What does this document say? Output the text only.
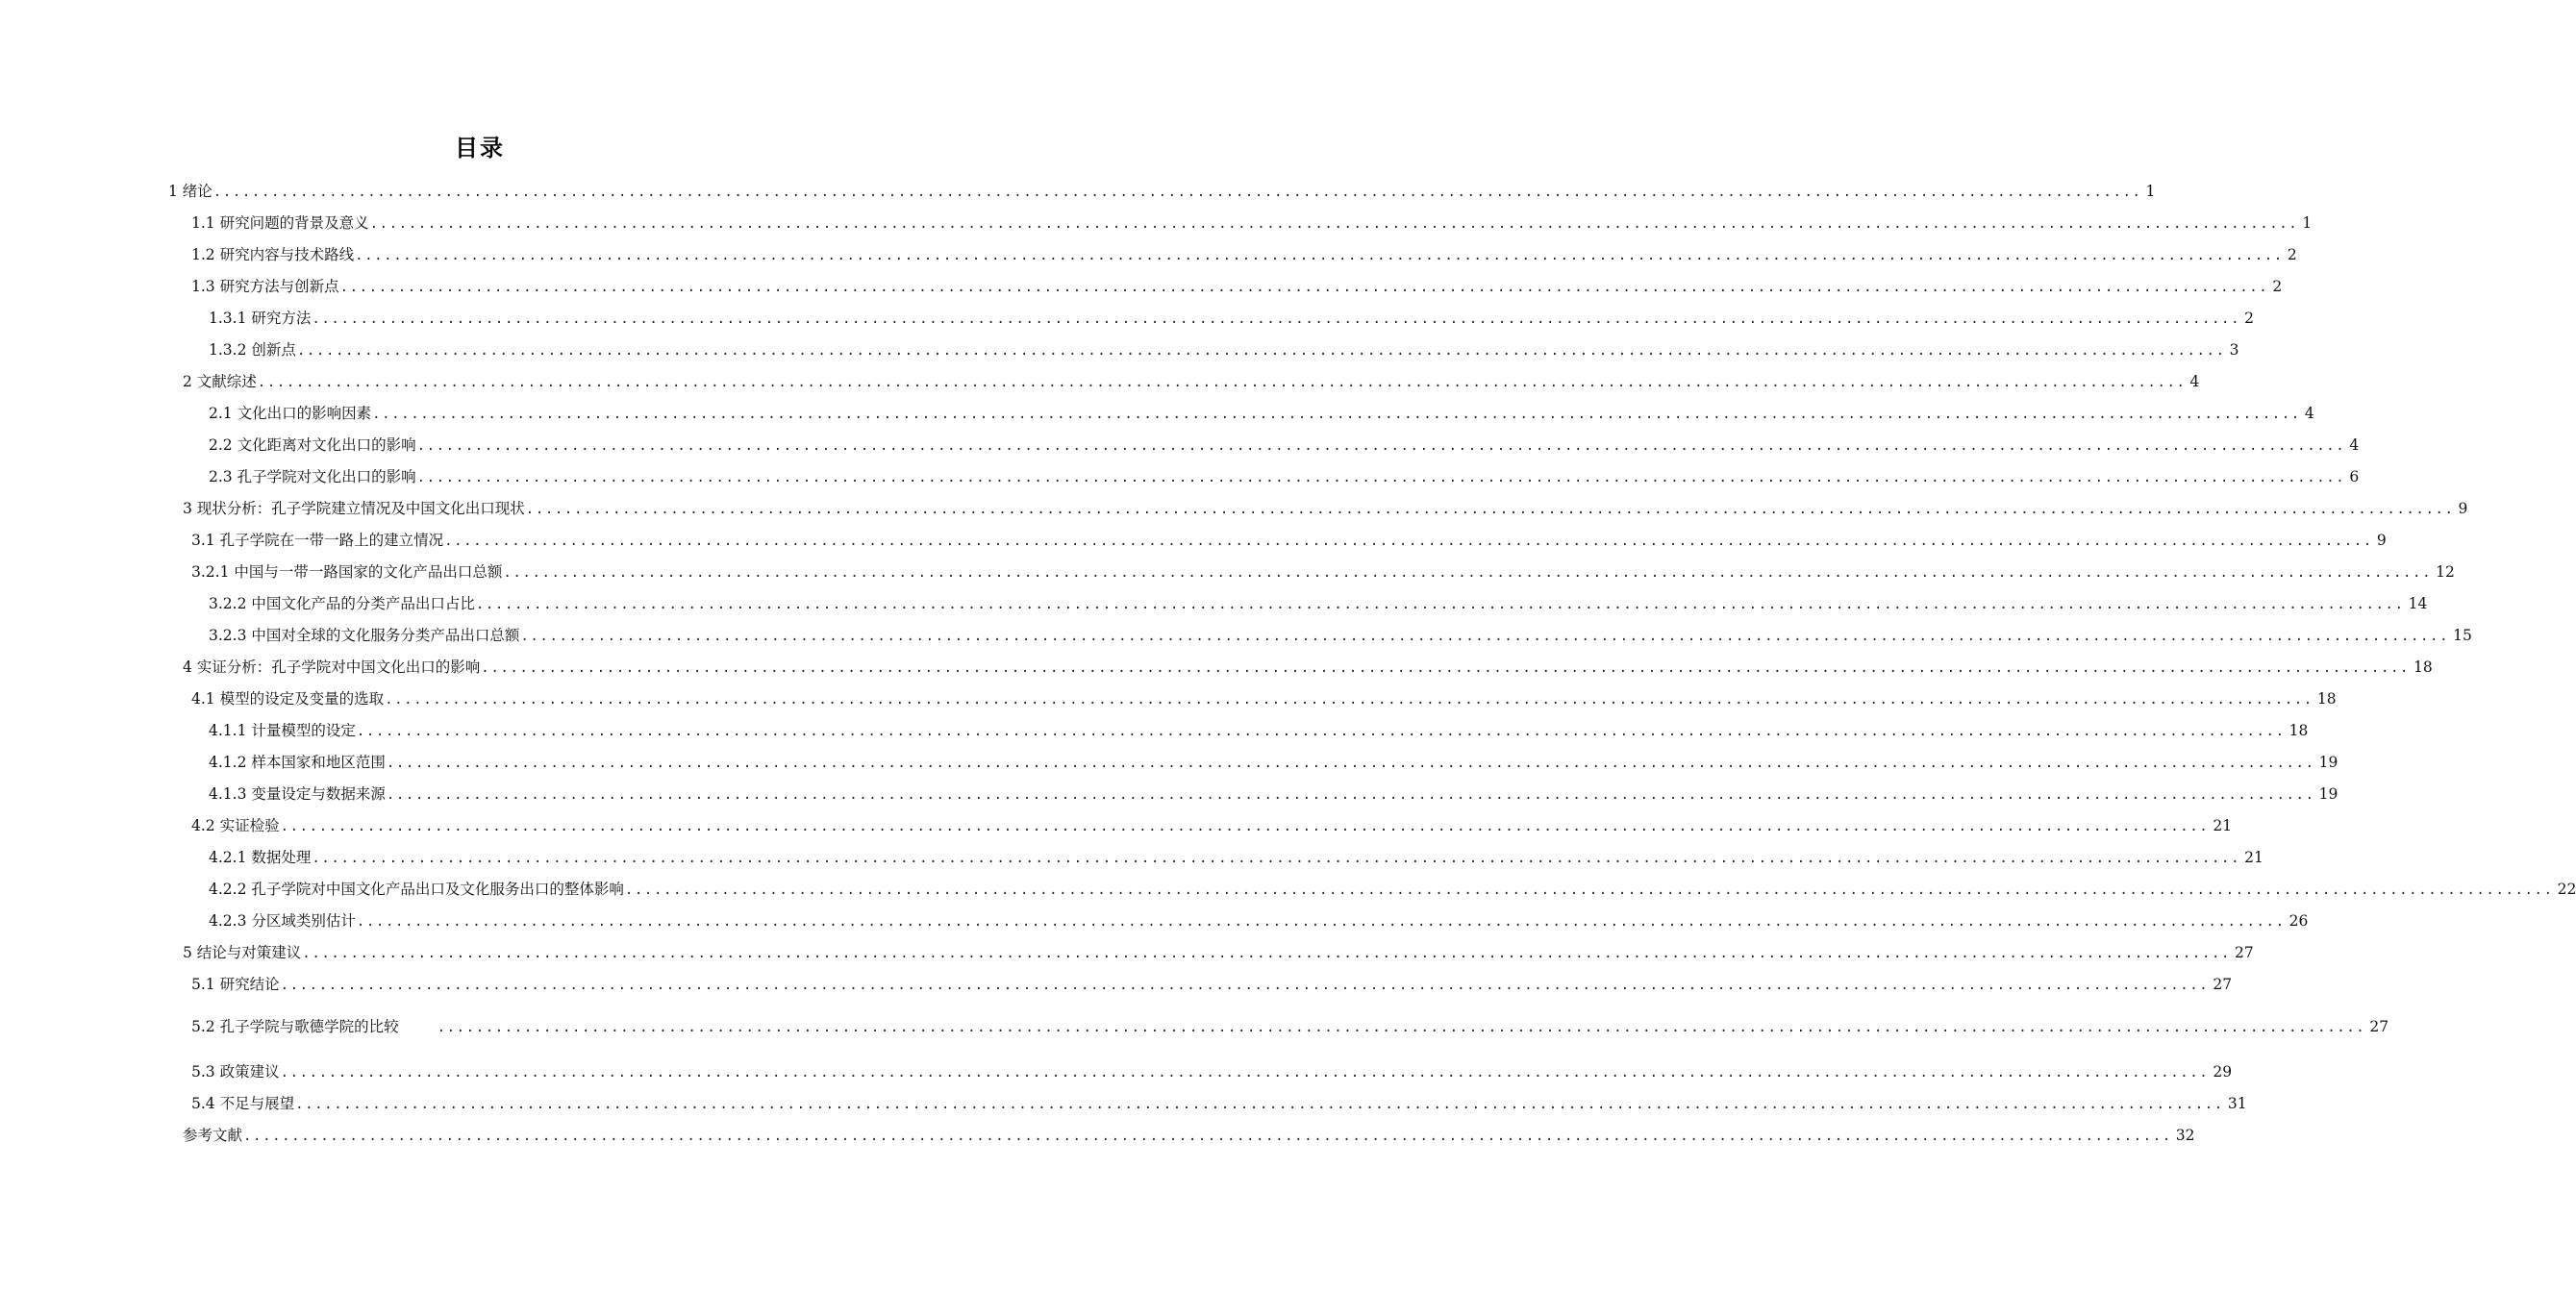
目录
1 绪论 ........................................................................................................................................................................................................ 1
1.1 研究问题的背景及意义 ........................................................................................................................................................................................................ 1
1.2 研究内容与技术路线 ........................................................................................................................................................................................................ 2
1.3 研究方法与创新点 ........................................................................................................................................................................................................ 2
1.3.1 研究方法 ........................................................................................................................................................................................................ 2
1.3.2 创新点 ........................................................................................................................................................................................................ 3
2 文献综述 ........................................................................................................................................................................................................ 4
2.1 文化出口的影响因素 ........................................................................................................................................................................................................ 4
2.2 文化距离对文化出口的影响 ........................................................................................................................................................................................................ 4
2.3 孔子学院对文化出口的影响 ........................................................................................................................................................................................................ 6
3 现状分析：孔子学院建立情况及中国文化出口现状 ........................................................................................................................................................................................................ 9
3.1 孔子学院在一带一路上的建立情况 ........................................................................................................................................................................................................ 9
3.2.1 中国与一带一路国家的文化产品出口总额 ........................................................................................................................................................................................................ 12
3.2.2 中国文化产品的分类产品出口占比 ........................................................................................................................................................................................................ 14
3.2.3 中国对全球的文化服务分类产品出口总额 ........................................................................................................................................................................................................ 15
4 实证分析：孔子学院对中国文化出口的影响 ........................................................................................................................................................................................................ 18
4.1 模型的设定及变量的选取 ........................................................................................................................................................................................................ 18
4.1.1 计量模型的设定 ........................................................................................................................................................................................................ 18
4.1.2 样本国家和地区范围 ........................................................................................................................................................................................................ 19
4.1.3 变量设定与数据来源 ........................................................................................................................................................................................................ 19
4.2 实证检验 ........................................................................................................................................................................................................ 21
4.2.1 数据处理 ........................................................................................................................................................................................................ 21
4.2.2 孔子学院对中国文化产品出口及文化服务出口的整体影响 ........................................................................................................................................................................................................ 22
4.2.3 分区域类别估计 ........................................................................................................................................................................................................ 26
5 结论与对策建议 ........................................................................................................................................................................................................ 27
5.1 研究结论 ........................................................................................................................................................................................................ 27
5.2 孔子学院与歌德学院的比较	........................................................................................................................................................................................................ 27
5.3 政策建议 ........................................................................................................................................................................................................ 29
5.4 不足与展望 ........................................................................................................................................................................................................ 31
参考文献 ........................................................................................................................................................................................................ 32
